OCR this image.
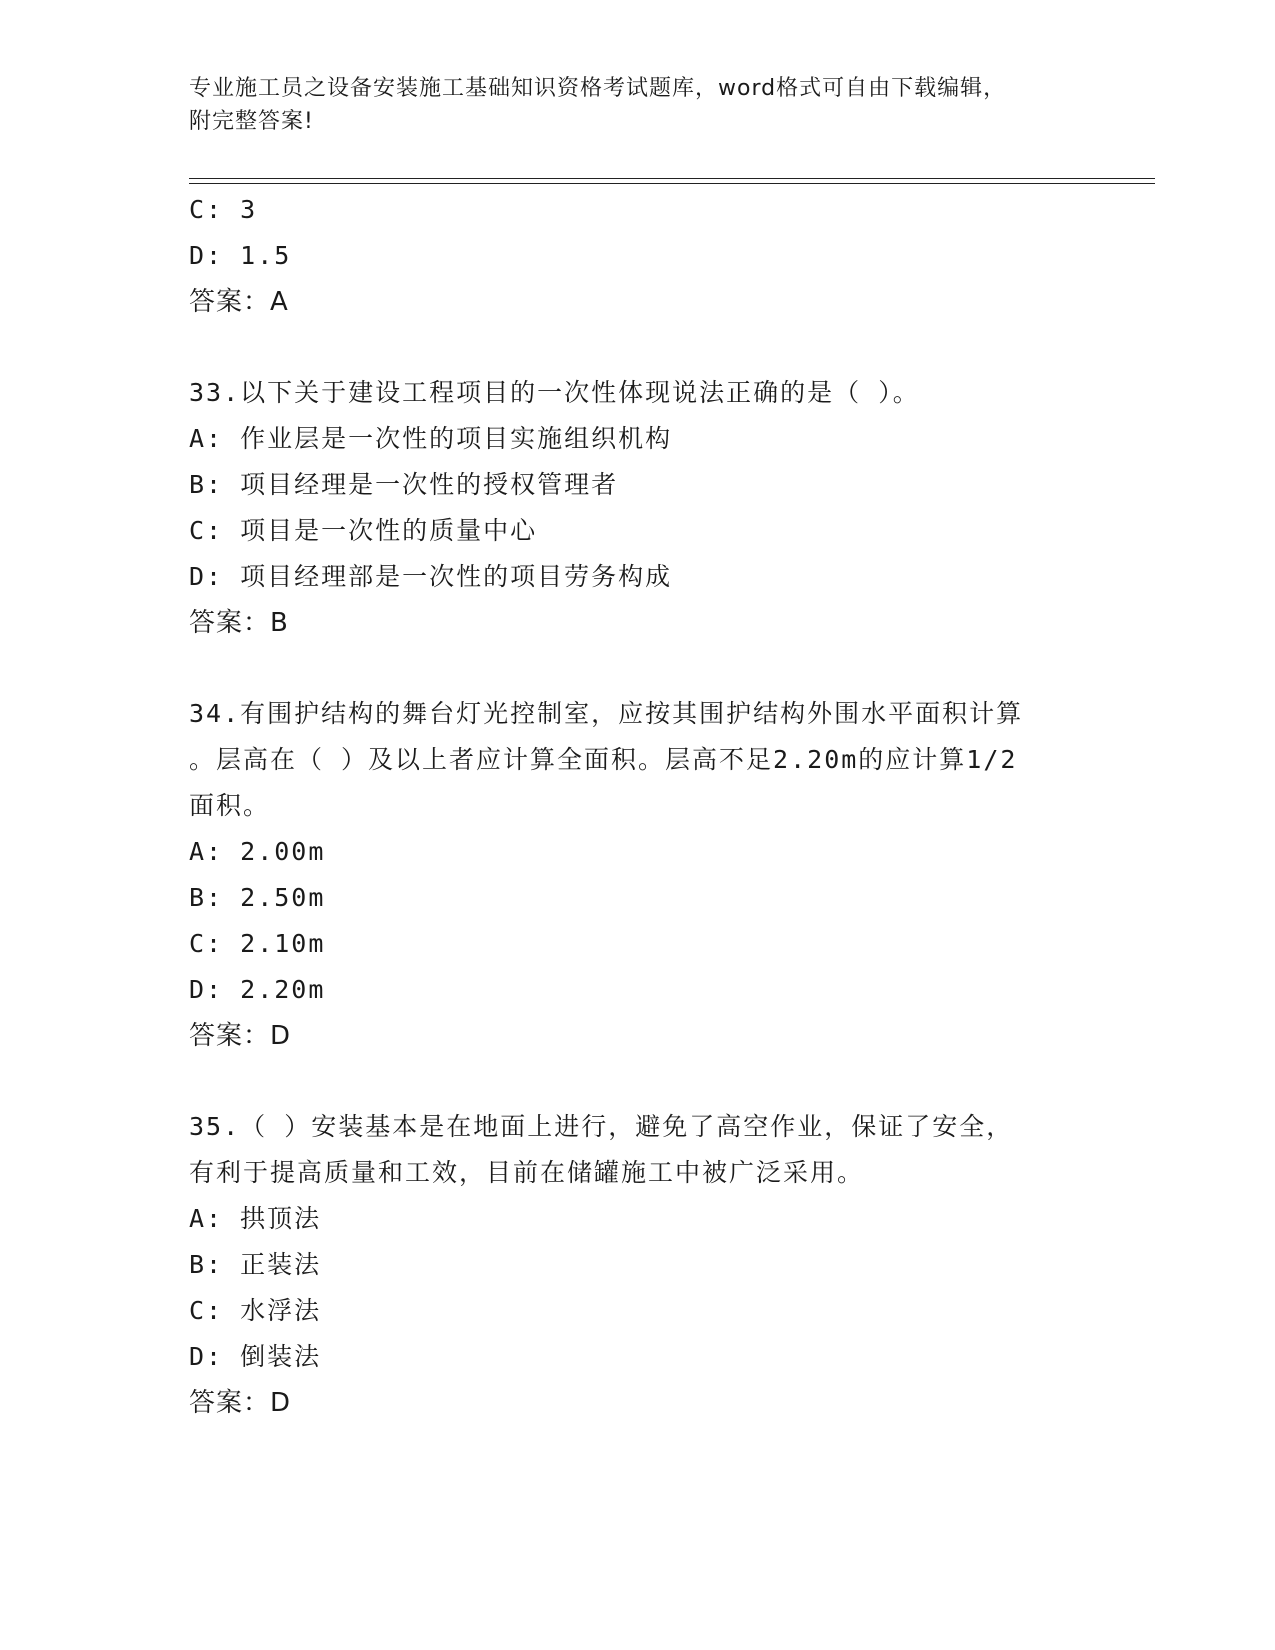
专业施工员之设备安装施工基础知识资格考试题库，word格式可自由下载编辑，
附完整答案!
C: 3
D: 1.5
答案：A
33.以下关于建设工程项目的一次性体现说法正确的是（ ）。
A: 作业层是一次性的项目实施组织机构
B: 项目经理是一次性的授权管理者
C: 项目是一次性的质量中心
D: 项目经理部是一次性的项目劳务构成
答案：B
34.有围护结构的舞台灯光控制室，应按其围护结构外围水平面积计算
。层高在（ ）及以上者应计算全面积。层高不足2.20m的应计算1/2
面积。
A: 2.00m
B: 2.50m
C: 2.10m
D: 2.20m
答案：D
35.（ ）安装基本是在地面上进行，避免了高空作业，保证了安全，
有利于提高质量和工效，目前在储罐施工中被广泛采用。
A: 拱顶法
B: 正装法
C: 水浮法
D: 倒装法
答案：D
